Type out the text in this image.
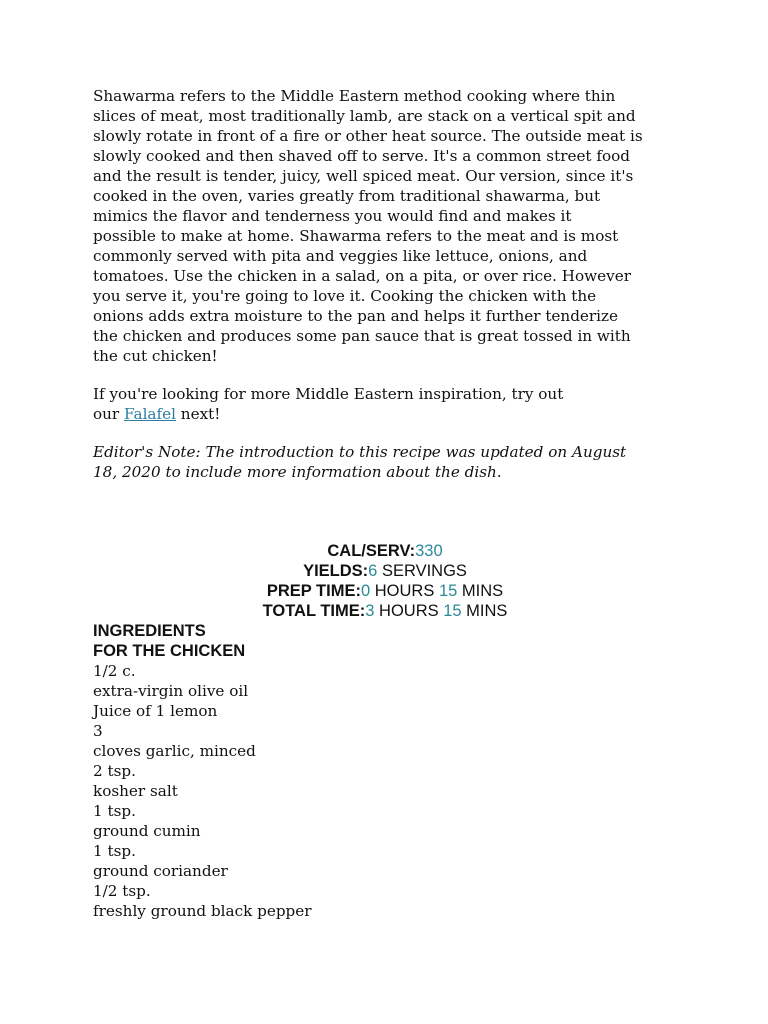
Shawarma refers to the Middle Eastern method cooking where thin
slices of meat, most traditionally lamb, are stack on a vertical spit and
slowly rotate in front of a fire or other heat source. The outside meat is
slowly cooked and then shaved off to serve. It's a common street food
and the result is tender, juicy, well spiced meat. Our version, since it's
cooked in the oven, varies greatly from traditional shawarma, but
mimics the flavor and tenderness you would find and makes it
possible to make at home. Shawarma refers to the meat and is most
commonly served with pita and veggies like lettuce, onions, and
tomatoes. Use the chicken in a salad, on a pita, or over rice. However
you serve it, you're going to love it. Cooking the chicken with the
onions adds extra moisture to the pan and helps it further tenderize
the chicken and produces some pan sauce that is great tossed in with
the cut chicken!
If you're looking for more Middle Eastern inspiration, try out
our Falafel next!
Editor's Note: The introduction to this recipe was updated on August
18, 2020 to include more information about the dish.
CAL/SERV:330
YIELDS:6 SERVINGS
PREP TIME:0 HOURS 15 MINS
TOTAL TIME:3 HOURS 15 MINS
INGREDIENTS
FOR THE CHICKEN
1/2 c.
extra-virgin olive oil
Juice of 1 lemon
3
cloves garlic, minced
2 tsp.
kosher salt
1 tsp.
ground cumin
1 tsp.
ground coriander
1/2 tsp.
freshly ground black pepper
